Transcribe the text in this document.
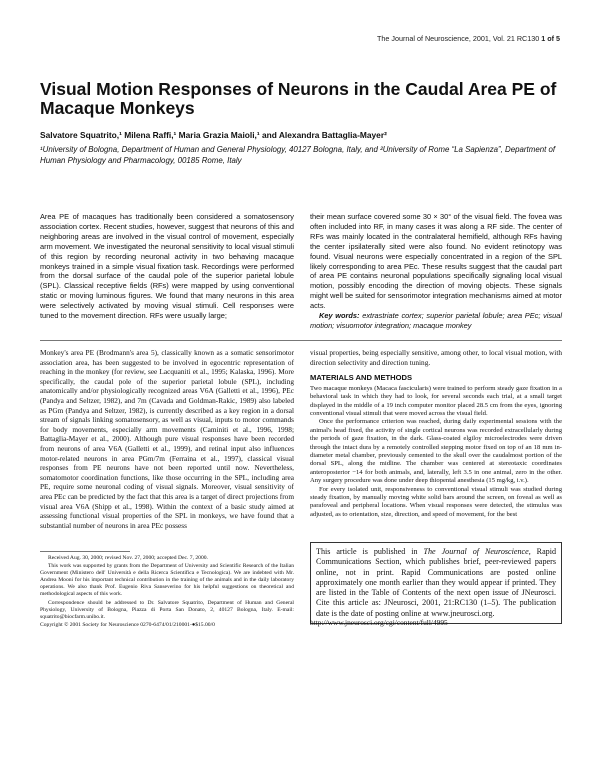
The Journal of Neuroscience, 2001, Vol. 21 RC130 1 of 5
Visual Motion Responses of Neurons in the Caudal Area PE of Macaque Monkeys
Salvatore Squatrito,¹ Milena Raffi,¹ Maria Grazia Maioli,¹ and Alexandra Battaglia-Mayer²
¹University of Bologna, Department of Human and General Physiology, 40127 Bologna, Italy, and ²University of Rome “La Sapienza”, Department of Human Physiology and Pharmacology, 00185 Rome, Italy
Area PE of macaques has traditionally been considered a somatosensory association cortex. Recent studies, however, suggest that neurons of this and neighboring areas are involved in the visual control of movement, especially arm movement. We investigated the neuronal sensitivity to local visual stimuli of this region by recording neuronal activity in two behaving macaque monkeys trained in a simple visual fixation task. Recordings were performed from the dorsal surface of the caudal pole of the superior parietal lobule (SPL). Classical receptive fields (RFs) were mapped by using conventional static or moving luminous figures. We found that many neurons in this area were selectively activated by moving visual stimuli. Cell responses were tuned to the movement direction. RFs were usually large;

their mean surface covered some 30 × 30° of the visual field. The fovea was often included into RF, in many cases it was along a RF side. The center of RFs was mainly located in the contralateral hemifield, although RFs having the center ipsilaterally sited were also found. No evident retinotopy was found. Visual neurons were especially concentrated in a region of the SPL likely corresponding to area PEc. These results suggest that the caudal part of area PE contains neuronal populations specifically signaling local visual motion, possibly encoding the direction of moving objects. These signals might well be suited for sensorimotor integration mechanisms aimed at motor acts.

Key words: extrastriate cortex; superior parietal lobule; area PEc; visual motion; visuomotor integration; macaque monkey

Monkey's area PE (Brodmann's area 5), classically known as a somatic sensorimotor association area, has been suggested to be involved in egocentric representation of reaching in the monkey (for review, see Lacquaniti et al., 1995; Kalaska, 1996). More specifically, the caudal pole of the superior parietal lobule (SPL), including anatomically and/or physiologically recognized areas V6A (Galletti et al., 1996), PEc (Pandya and Seltzer, 1982), and 7m (Cavada and Goldman-Rakic, 1989) also labeled as PGm (Pandya and Seltzer, 1982), is currently described as a key region in a dorsal stream of signals linking somatosensory, as well as visual, inputs to motor commands for body movements, especially arm movements (Caminiti et al., 1996, 1998; Battaglia-Mayer et al., 2000). Although pure visual responses have been recorded from neurons of area V6A (Galletti et al., 1999), and retinal input also influences motor-related neurons in area PGm/7m (Ferraina et al., 1997), classical visual responses from PE neurons have not been reported until now. Nevertheless, somatomotor coordination functions, like those occurring in the SPL, including area PE, require some neuronal coding of visual signals. Moreover, visual sensitivity of area PEc can be predicted by the fact that this area is a target of direct projections from visual area V6A (Shipp et al., 1998). Within the context of a basic study aimed at assessing functional visual properties of the SPL in monkeys, we have found that a substantial number of neurons in area PEc possess

visual properties, being especially sensitive, among other, to local visual motion, with direction selectivity and direction tuning.

MATERIALS AND METHODS

Two macaque monkeys (Macaca fascicularis) were trained to perform steady gaze fixation in a behavioral task in which they had to look, for several seconds each trial, at a small target displayed in the middle of a 19 inch computer monitor placed 28.5 cm from the eyes, ignoring conventional visual stimuli that were moved across the visual field.

Once the performance criterion was reached, during daily experimental sessions with the animal's head fixed, the activity of single cortical neurons was recorded extracellularly during the periods of gaze fixation, in the dark. Glass-coated elgiloy microelectrodes were driven through the intact dura by a remotely controlled stepping motor fixed on top of an 18 mm in-diameter metal chamber, previously cemented to the skull over the caudalmost portion of the dorsal SPL, along the midline. The chamber was centered at stereotaxic coordinates anteroposterior −14 for both animals, and, laterally, left 3.5 in one animal, zero in the other. Any surgery procedure was done under deep thiopental anesthesia (15 mg/kg, i.v.).

For every isolated unit, responsiveness to conventional visual stimuli was studied during steady fixation, by manually moving white solid bars around the screen, on foveal as well as parafoveal and peripheral locations. When visual responses were detected, the stimulus was adjusted, as to orientation, size, direction, and speed of movement, for the best

Received Aug. 30, 2000; revised Nov. 27, 2000; accepted Dec. 7, 2000.

This work was supported by grants from the Department of University and Scientific Research of the Italian Government (Ministero dell' Università e della Ricerca Scientifica e Tecnologica). We are indebted with Mr. Andrea Mooni for his important technical contribution in the training of the animals and in the daily laboratory operations. We also thank Prof. Eugenio Riva Sanseverino for his helpful suggestions on theoretical and methodological aspects of this work.

Correspondence should be addressed to Dr. Salvatore Squatrito, Department of Human and General Physiology, University of Bologna, Piazza di Porta San Donato, 2, 40127 Bologna, Italy. E-mail: squatrito@biocfarm.unibo.it.

Copyright © 2001 Society for Neuroscience 0270-6474/01/210001-●$15.00/0

This article is published in The Journal of Neuroscience, Rapid Communications Section, which publishes brief, peer-reviewed papers online, not in print. Rapid Communications are posted online approximately one month earlier than they would appear if printed. They are listed in the Table of Contents of the next open issue of JNeurosci. Cite this article as: JNeurosci, 2001, 21:RC130 (1–5). The publication date is the date of posting online at www.jneurosci.org.
http://www.jneurosci.org/cgi/content/full/4995
